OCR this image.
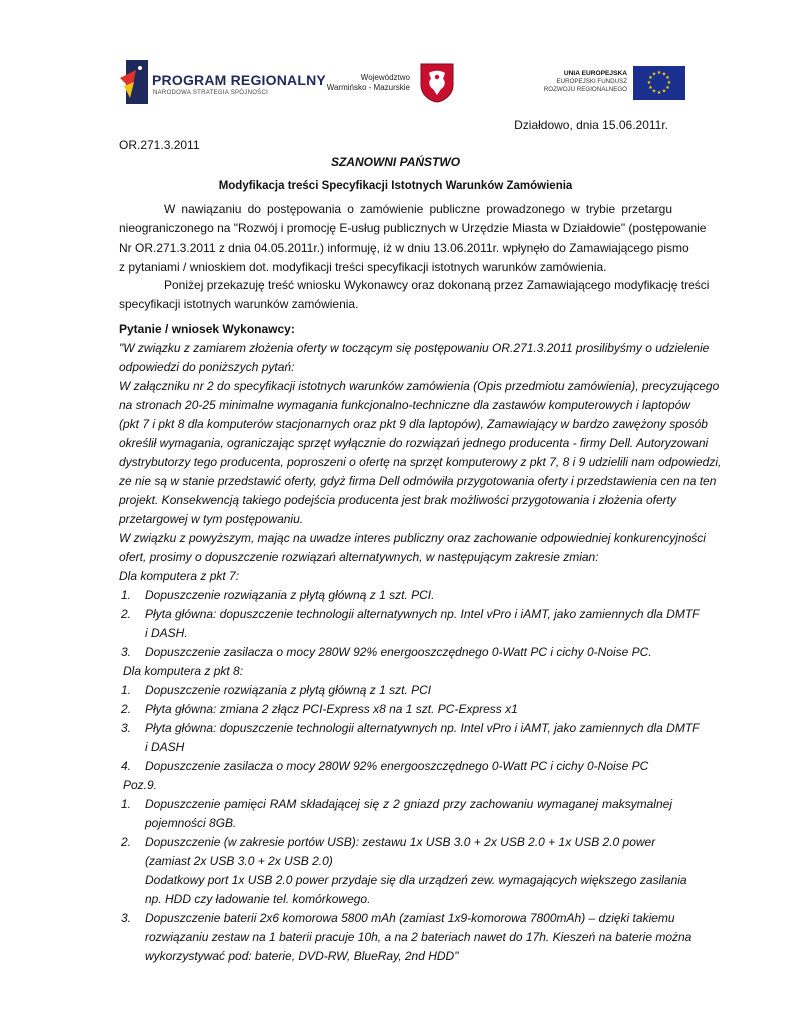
PROGRAM REGIONALNY
NARODOWA STRATEGIA SPÓJNOŚCI
Województwo
Warmińsko - Mazurskie
UNIA EUROPEJSKA
EUROPEJSKI FUNDUSZ
ROZWOJU REGIONALNEGO
★ ★
★
★
★
★
★
★
★
★
★
★
Działdowo, dnia 15.06.2011r.
OR.271.3.2011
SZANOWNI PAŃSTWO
Modyfikacja treści Specyfikacji Istotnych Warunków Zamówienia
W nawiązaniu do postępowania o zamówienie publiczne prowadzonego w trybie przetargu
nieograniczonego na "Rozwój i promocję E-usług publicznych w Urzędzie Miasta w Działdowie" (postępowanie
Nr OR.271.3.2011 z dnia 04.05.2011r.) informuję, iż w dniu 13.06.2011r. wpłynęło do Zamawiającego pismo
z pytaniami / wnioskiem dot. modyfikacji treści specyfikacji istotnych warunków zamówienia.
Poniżej przekazuję treść wniosku Wykonawcy oraz dokonaną przez Zamawiającego modyfikację treści
specyfikacji istotnych warunków zamówienia.
Pytanie / wniosek Wykonawcy:
"W związku z zamiarem złożenia oferty w toczącym się postępowaniu OR.271.3.2011 prosilibyśmy o udzielenie
odpowiedzi do poniższych pytań:
W załączniku nr 2 do specyfikacji istotnych warunków zamówienia (Opis przedmiotu zamówienia), precyzującego
na stronach 20-25 minimalne wymagania funkcjonalno-techniczne dla zastawów komputerowych i laptopów
(pkt 7 i pkt 8 dla komputerów stacjonarnych oraz pkt 9 dla laptopów), Zamawiający w bardzo zawężony sposób
określił wymagania, ograniczając sprzęt wyłącznie do rozwiązań jednego producenta - firmy Dell. Autoryzowani
dystrybutorzy tego producenta, poproszeni o ofertę na sprzęt komputerowy z pkt 7, 8 i 9 udzielili nam odpowiedzi,
ze nie są w stanie przedstawić oferty, gdyż firma Dell odmówiła przygotowania oferty i przedstawienia cen na ten
projekt. Konsekwencją takiego podejścia producenta jest brak możliwości przygotowania i złożenia oferty
przetargowej w tym postępowaniu.
W związku z powyższym, mając na uwadze interes publiczny oraz zachowanie odpowiedniej konkurencyjności
ofert, prosimy o dopuszczenie rozwiązań alternatywnych, w następującym zakresie zmian:
Dla komputera z pkt 7:
1. Dopuszczenie rozwiązania z płytą główną z 1 szt. PCI.
2. Płyta główna: dopuszczenie technologii alternatywnych np. Intel vPro i iAMT, jako zamiennych dla DMTF
i DASH.
3. Dopuszczenie zasilacza o mocy 280W 92% energooszczędnego 0-Watt PC i cichy 0-Noise PC.
Dla komputera z pkt 8:
1. Dopuszczenie rozwiązania z płytą główną z 1 szt. PCI
2. Płyta główna: zmiana 2 złącz PCI-Express x8 na 1 szt. PC-Express x1
3. Płyta główna: dopuszczenie technologii alternatywnych np. Intel vPro i iAMT, jako zamiennych dla DMTF
i DASH
4. Dopuszczenie zasilacza o mocy 280W 92% energooszczędnego 0-Watt PC i cichy 0-Noise PC
Poz.9.
1. Dopuszczenie pamięci RAM składającej się z 2 gniazd przy zachowaniu wymaganej maksymalnej
pojemności 8GB.
2. Dopuszczenie (w zakresie portów USB): zestawu 1x USB 3.0 + 2x USB 2.0 + 1x USB 2.0 power
(zamiast 2x USB 3.0 + 2x USB 2.0)
Dodatkowy port 1x USB 2.0 power przydaje się dla urządzeń zew. wymagających większego zasilania
np. HDD czy ładowanie tel. komórkowego.
3. Dopuszczenie baterii 2x6 komorowa 5800 mAh (zamiast 1x9-komorowa 7800mAh) – dzięki takiemu
rozwiązaniu zestaw na 1 baterii pracuje 10h, a na 2 bateriach nawet do 17h. Kieszeń na baterie można
wykorzystywać pod: baterie, DVD-RW, BlueRay, 2nd HDD"
